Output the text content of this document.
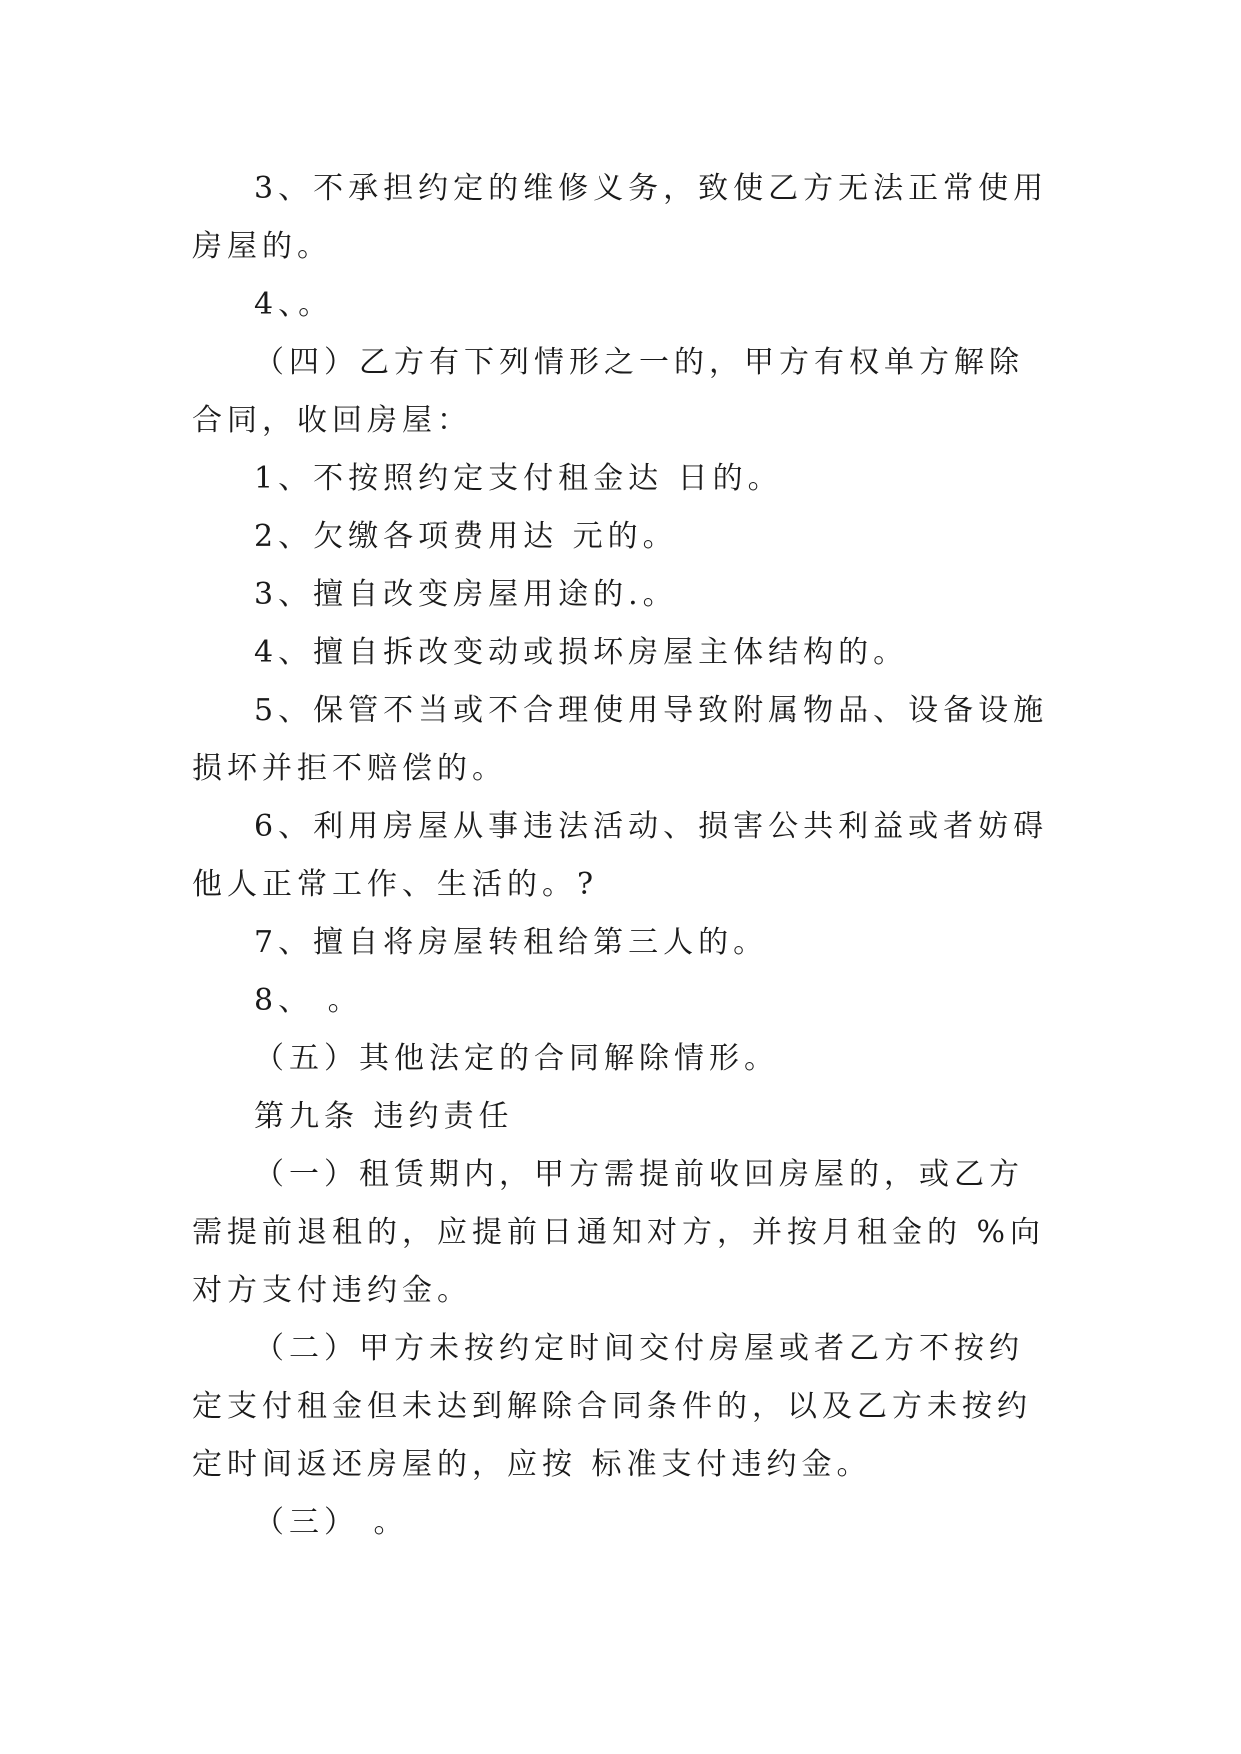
3、不承担约定的维修义务，致使乙方无法正常使用房屋的。

4、。

（四）乙方有下列情形之一的，甲方有权单方解除合同，收回房屋：

1、不按照约定支付租金达 日的。

2、欠缴各项费用达 元的。

3、擅自改变房屋用途的.。

4、擅自拆改变动或损坏房屋主体结构的。

5、保管不当或不合理使用导致附属物品、设备设施损坏并拒不赔偿的。

6、利用房屋从事违法活动、损害公共利益或者妨碍他人正常工作、生活的。?

7、擅自将房屋转租给第三人的。

8、 。

（五）其他法定的合同解除情形。

第九条 违约责任

（一）租赁期内，甲方需提前收回房屋的，或乙方需提前退租的，应提前日通知对方，并按月租金的 %向对方支付违约金。

（二）甲方未按约定时间交付房屋或者乙方不按约定支付租金但未达到解除合同条件的，以及乙方未按约定时间返还房屋的，应按 标准支付违约金。

（三） 。
